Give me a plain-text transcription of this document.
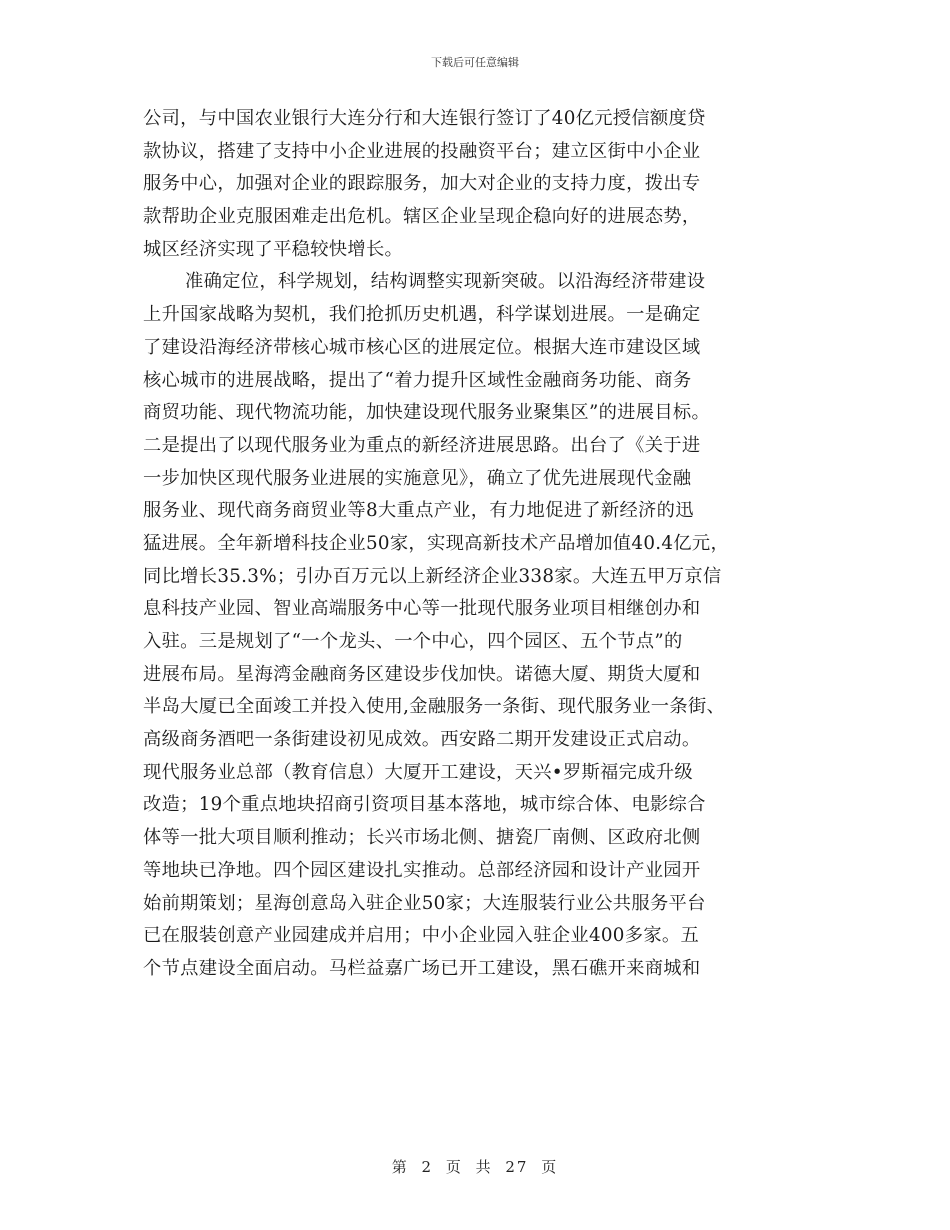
下载后可任意编辑
公司，与中国农业银行大连分行和大连银行签订了40亿元授信额度贷
款协议，搭建了支持中小企业进展的投融资平台；建立区街中小企业
服务中心，加强对企业的跟踪服务，加大对企业的支持力度，拨出专
款帮助企业克服困难走出危机。辖区企业呈现企稳向好的进展态势，
城区经济实现了平稳较快增长。
准确定位，科学规划，结构调整实现新突破。以沿海经济带建设
上升国家战略为契机，我们抢抓历史机遇，科学谋划进展。一是确定
了建设沿海经济带核心城市核心区的进展定位。根据大连市建设区域
核心城市的进展战略，提出了“着力提升区域性金融商务功能、商务
商贸功能、现代物流功能，加快建设现代服务业聚集区”的进展目标。
二是提出了以现代服务业为重点的新经济进展思路。出台了《关于进
一步加快区现代服务业进展的实施意见》，确立了优先进展现代金融
服务业、现代商务商贸业等8大重点产业，有力地促进了新经济的迅
猛进展。全年新增科技企业50家，实现高新技术产品增加值40.4亿元，
同比增长35.3%；引办百万元以上新经济企业338家。大连五甲万京信
息科技产业园、智业高端服务中心等一批现代服务业项目相继创办和
入驻。三是规划了“一个龙头、一个中心，四个园区、五个节点”的
进展布局。星海湾金融商务区建设步伐加快。诺德大厦、期货大厦和
半岛大厦已全面竣工并投入使用,金融服务一条街、现代服务业一条街、
高级商务酒吧一条街建设初见成效。西安路二期开发建设正式启动。
现代服务业总部（教育信息）大厦开工建设，天兴•罗斯福完成升级
改造；19个重点地块招商引资项目基本落地，城市综合体、电影综合
体等一批大项目顺利推动；长兴市场北侧、搪瓷厂南侧、区政府北侧
等地块已净地。四个园区建设扎实推动。总部经济园和设计产业园开
始前期策划；星海创意岛入驻企业50家；大连服装行业公共服务平台
已在服装创意产业园建成并启用；中小企业园入驻企业400多家。五
个节点建设全面启动。马栏益嘉广场已开工建设，黑石礁开来商城和
第 2 页 共 27 页
